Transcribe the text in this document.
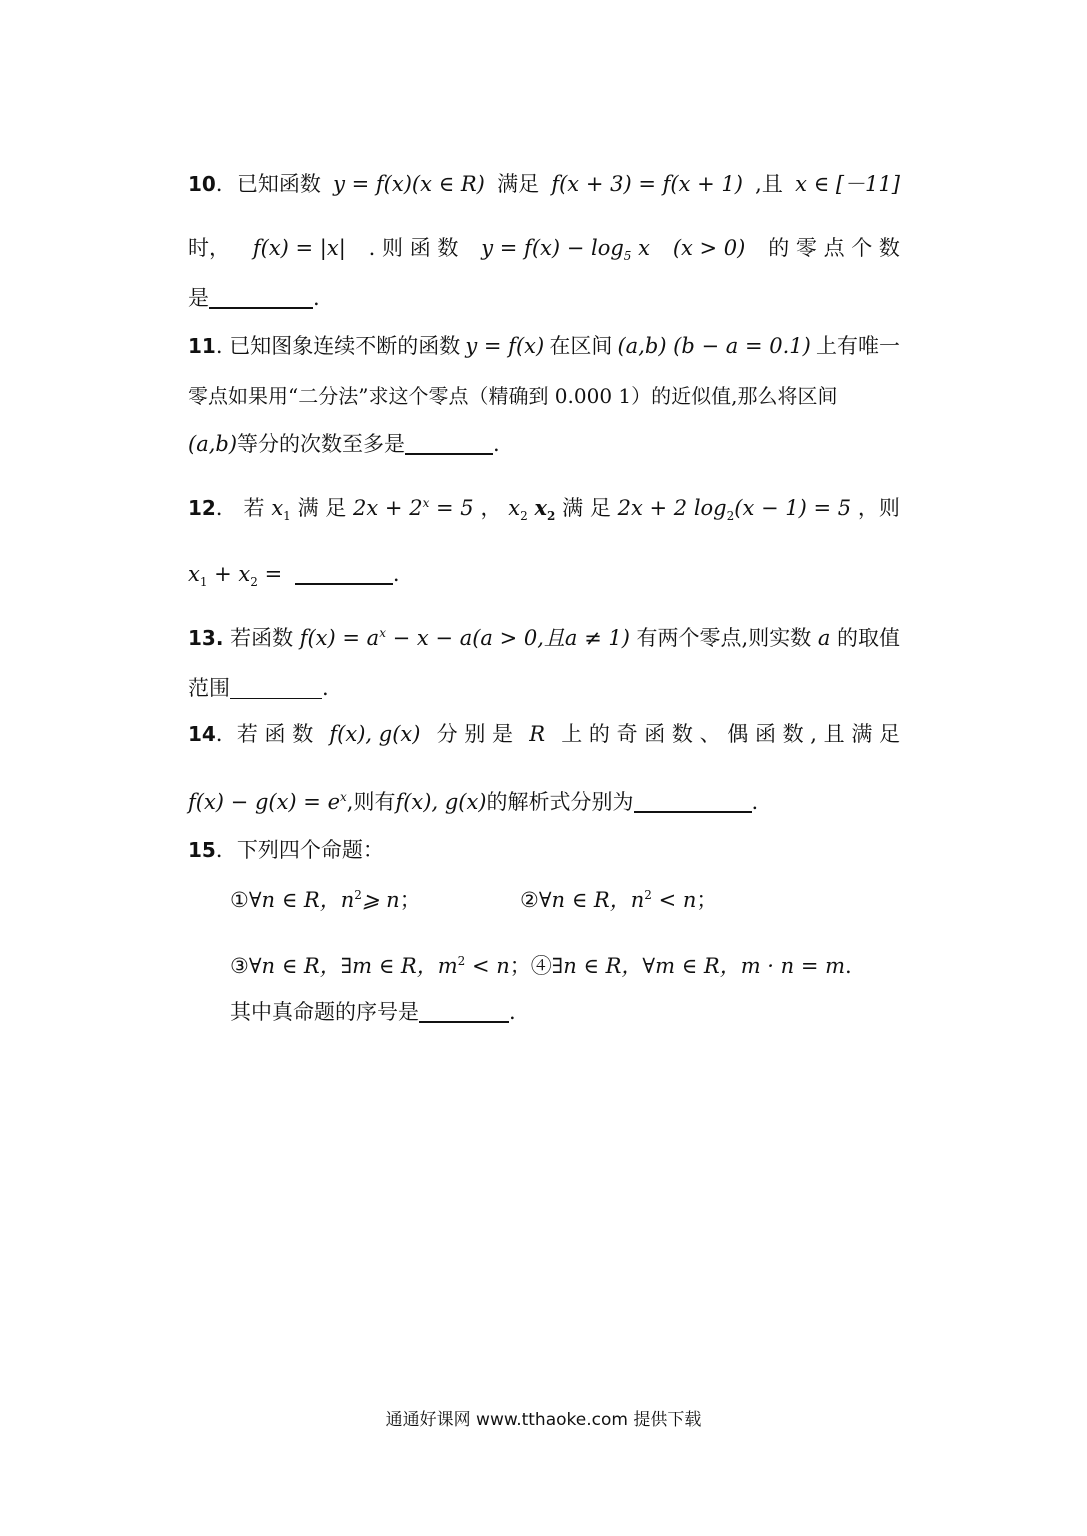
10．已知函数 y = f(x)(x ∈ R) 满足 f(x + 3) = f(x + 1) ,且 x ∈ [－11]
时， f(x) = |x| . 则 函 数 $y = f(x) - \log_5 x$ (x > 0) 的 零 点 个 数
是	.
11. 已知图象连续不断的函数 y = f(x) 在区间 (a,b) (b − a = 0.1) 上有唯一
零点如果用“二分法”求这个零点（精确到 0.000 1）的近似值,那么将区间
(a,b)等分的次数至多是	.
12． 若 $x_1$ 满 足 $2x + 2^x = 5$ ， $x_2$ $x_2$ 满 足 2x + 2 $\log_2(x - 1) = 5$ ，则
$x_1 + x_2$ =	.
13. 若函数 $f(x) = a^x - x - a(a > 0$,且a ≠ 1) 有两个零点,则实数 a 的取值
范围	.
14．若 函 数 f(x), g(x) 分 别 是 R 上 的 奇 函 数 、 偶 函 数 , 且 满 足
$f(x) - g(x) = e^x$,则有f(x), g(x)的解析式分别为	.
15．下列四个命题：
①∀n ∈ R，$n^2⩾$ n；	②∀n ∈ R，$n^2 < n$；
③∀n ∈ R，∃m ∈ R，$m^2 < n$；④∃n ∈ R，∀m ∈ R，m · n = m.
其中真命题的序号是	.
通通好课网 www.tthaoke.com 提供下载
